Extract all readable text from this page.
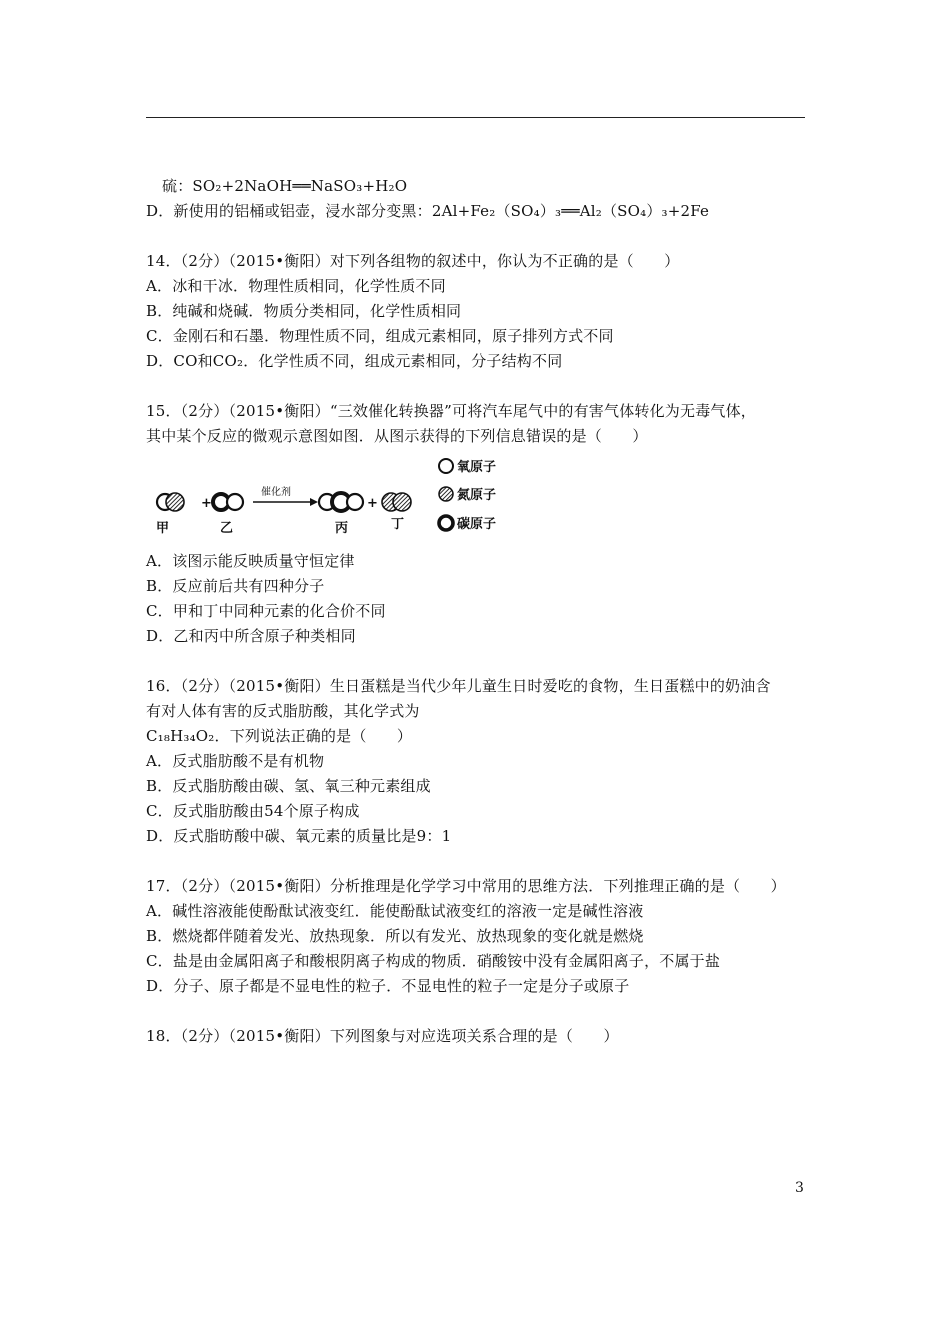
硫：SO₂+2NaOH══NaSO₃+H₂O
D．新使用的铝桶或铝壶，浸水部分变黑：2Al+Fe₂（SO₄）₃══Al₂（SO₄）₃+2Fe
14．（2分）（2015•衡阳）对下列各组物的叙述中，你认为不正确的是（　　）
A．冰和干冰．物理性质相同，化学性质不同
B．纯碱和烧碱．物质分类相同，化学性质相同
C．金刚石和石墨．物理性质不同，组成元素相同，原子排列方式不同
D．CO和CO₂．化学性质不同，组成元素相同，分子结构不同
15．（2分）（2015•衡阳）“三效催化转换器”可将汽车尾气中的有害气体转化为无毒气体，
其中某个反应的微观示意图如图．从图示获得的下列信息错误的是（　　）
+
催化剂
+
甲	乙	丙	丁
氧原子
氮原子
碳原子
A．该图示能反映质量守恒定律
B．反应前后共有四种分子
C．甲和丁中同种元素的化合价不同
D．乙和丙中所含原子种类相同
16．（2分）（2015•衡阳）生日蛋糕是当代少年儿童生日时爱吃的食物，生日蛋糕中的奶油含
有对人体有害的反式脂肪酸，其化学式为
C₁₈H₃₄O₂．下列说法正确的是（　　）
A．反式脂肪酸不是有机物
B．反式脂肪酸由碳、氢、氧三种元素组成
C．反式脂肪酸由54个原子构成
D．反式脂昉酸中碳、氧元素的质量比是9：1
17．（2分）（2015•衡阳）分析推理是化学学习中常用的思维方法．下列推理正确的是（　　）
A．碱性溶液能使酚酞试液变红．能使酚酞试液变红的溶液一定是碱性溶液
B．燃烧都伴随着发光、放热现象．所以有发光、放热现象的变化就是燃烧
C．盐是由金属阳离子和酸根阴离子构成的物质．硝酸铵中没有金属阳离子，不属于盐
D．分子、原子都是不显电性的粒子．不显电性的粒子一定是分子或原子
18．（2分）（2015•衡阳）下列图象与对应选项关系合理的是（　　）
3
